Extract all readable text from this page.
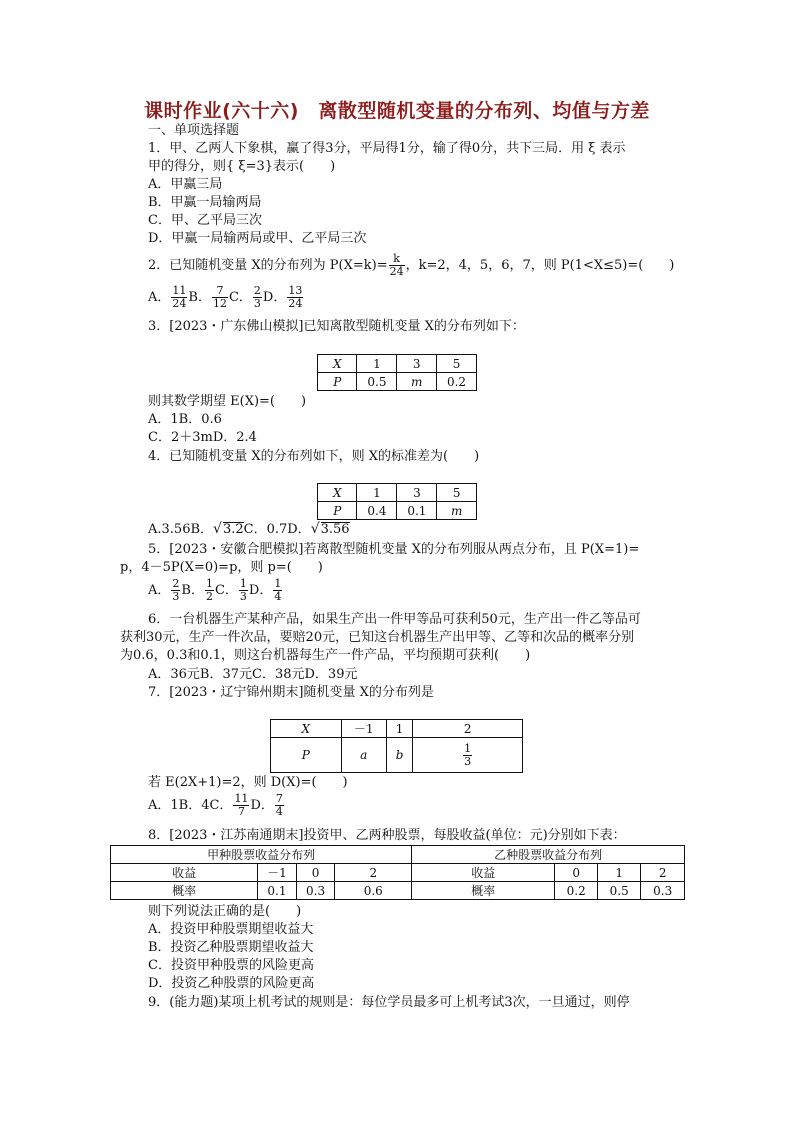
课时作业(六十六)　离散型随机变量的分布列、均值与方差
一、单项选择题
1．甲、乙两人下象棋，赢了得3分，平局得1分，输了得0分，共下三局．用 ξ 表示
甲的得分，则{ ξ=3}表示(　　)
A．甲赢三局
B．甲赢一局输两局
C．甲、乙平局三次
D．甲赢一局输两局或甲、乙平局三次
2．已知随机变量 X的分布列为 $P(X=k)= \frac{k}{24}$ ，k=2，4，5，6，7，则 P(1<X≤5)=(　　)
A． $\frac{11}{24}$ B． $\frac{7}{12}$ C． $\frac{2}{3}$ D． $\frac{13}{24}$
3．[2023・广东佛山模拟]已知离散型随机变量 X的分布列如下：
X	1	3	5
P	0.5	m	0.2
则其数学期望 E(X)=(　　)
A．1B．0.6
C．2＋3mD．2.4
4．已知随机变量 X的分布列如下，则 X的标准差为(　　)
X	1	3	5
P	0.4	0.1	m
A.3.56B．√3.2C．0.7D．√3.56
5．[2023・安徽合肥模拟]若离散型随机变量 X的分布列服从两点分布，且 P(X=1)=
p，4－5P(X=0)=p，则 p=(　　)
A． $\frac{2}{3}$ B． $\frac{1}{2}$ C． $\frac{1}{3}$ D． $\frac{1}{4}$
6．一台机器生产某种产品，如果生产出一件甲等品可获利50元，生产出一件乙等品可
获利30元，生产一件次品，要赔20元，已知这台机器生产出甲等、乙等和次品的概率分别
为0.6，0.3和0.1，则这台机器每生产一件产品，平均预期可获利(　　)
A．36元B．37元C．38元D．39元
7．[2023・辽宁锦州期末]随机变量 X的分布列是
X	－1	1	2
P	a	b	$\frac{1}{3}$
若 E(2X+1)=2，则 D(X)=(　　)
A．1B．4C． $\frac{11}{7}$ D． $\frac{7}{4}$
8．[2023・江苏南通期末]投资甲、乙两种股票，每股收益(单位：元)分别如下表：
甲种股票收益分布列				乙种股票收益分布列			
收益	－1	0	2	收益	0	1	2
概率	0.1	0.3	0.6	概率	0.2	0.5	0.3
则下列说法正确的是(　　)
A．投资甲种股票期望收益大
B．投资乙种股票期望收益大
C．投资甲种股票的风险更高
D．投资乙种股票的风险更高
9．(能力题)某项上机考试的规则是：每位学员最多可上机考试3次，一旦通过，则停
